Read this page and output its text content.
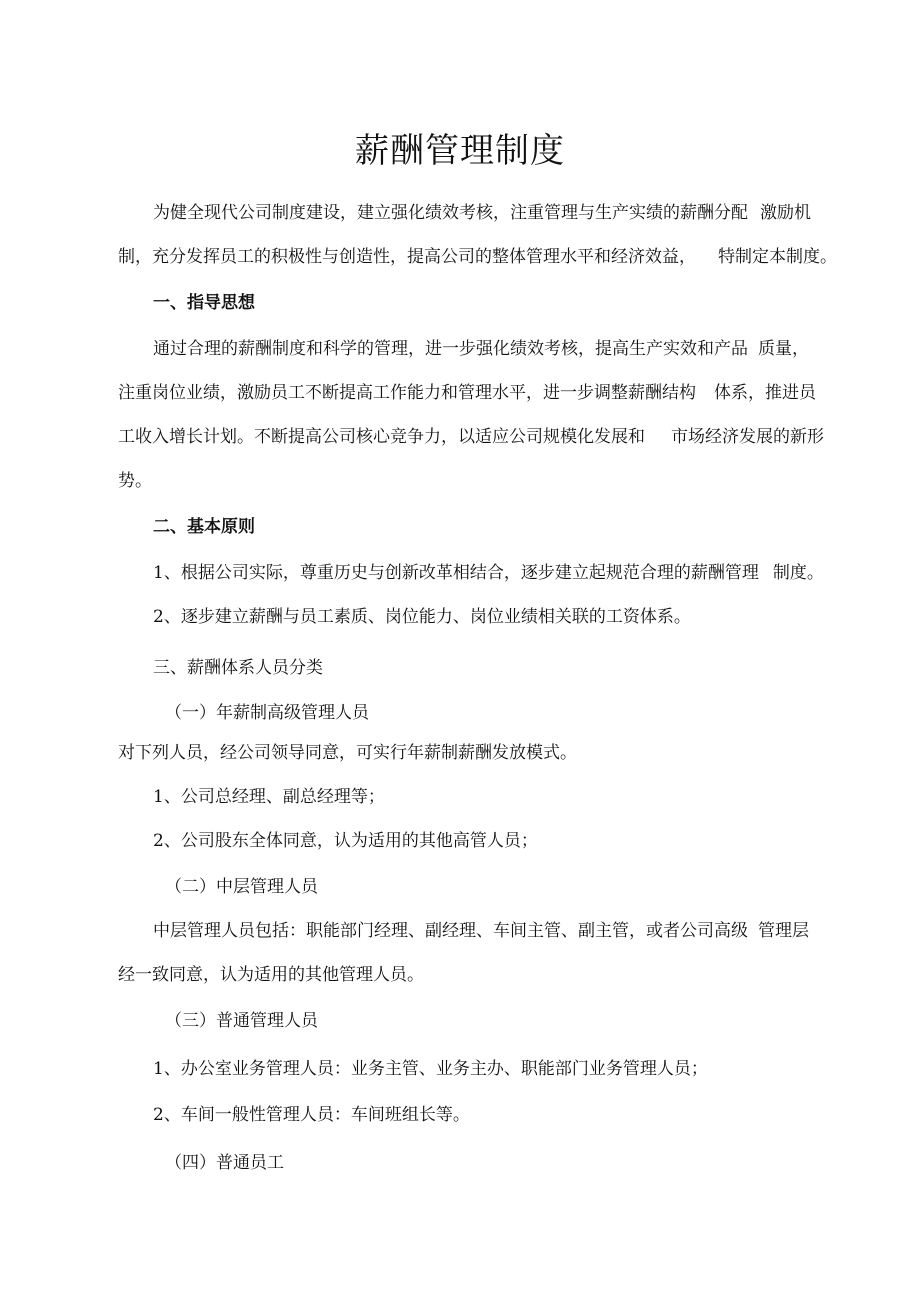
薪酬管理制度

为健全现代公司制度建设，建立强化绩效考核，注重管理与生产实绩的薪酬分配 激励机

制，充分发挥员工的积极性与创造性，提高公司的整体管理水平和经济效益， 特制定本制度。

一、指导思想

通过合理的薪酬制度和科学的管理，进一步强化绩效考核，提高生产实效和产品 质量，

注重岗位业绩，激励员工不断提高工作能力和管理水平，进一步调整薪酬结构 体系，推进员

工收入增长计划。不断提高公司核心竞争力，以适应公司规模化发展和 市场经济发展的新形

势。

二、基本原则

1、根据公司实际，尊重历史与创新改革相结合，逐步建立起规范合理的薪酬管理 制度。

2、逐步建立薪酬与员工素质、岗位能力、岗位业绩相关联的工资体系。

三、薪酬体系人员分类

（一）年薪制高级管理人员

对下列人员，经公司领导同意，可实行年薪制薪酬发放模式。

1、公司总经理、副总经理等；

2、公司股东全体同意，认为适用的其他高管人员；

（二）中层管理人员

中层管理人员包括：职能部门经理、副经理、车间主管、副主管，或者公司高级 管理层

经一致同意，认为适用的其他管理人员。

（三）普通管理人员

1、办公室业务管理人员：业务主管、业务主办、职能部门业务管理人员；

2、车间一般性管理人员：车间班组长等。

（四）普通员工
